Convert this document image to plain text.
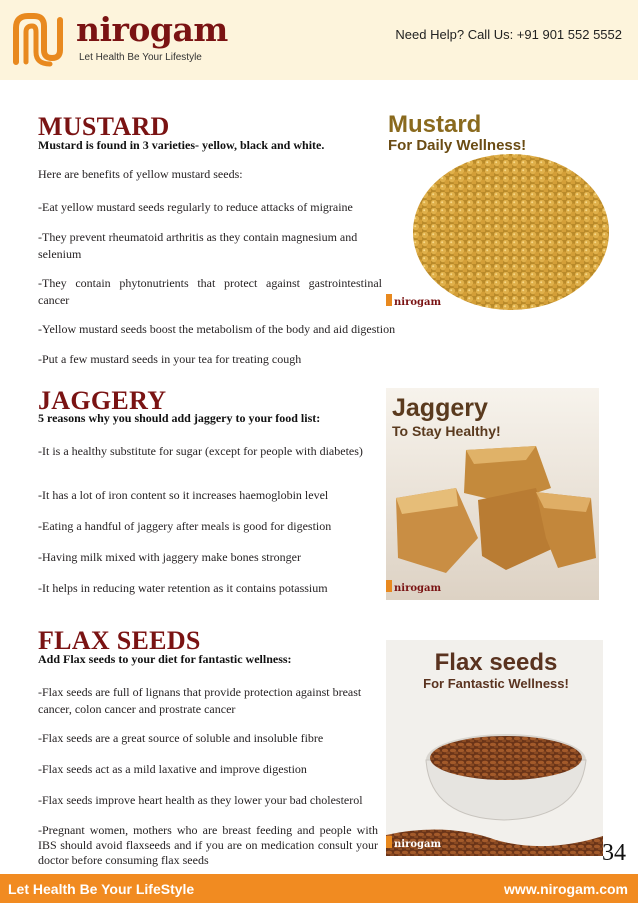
nirogam
Let Health Be Your Lifestyle
Need Help? Call Us: +91 901 552 5552
MUSTARD
Mustard is found in 3 varieties- yellow, black and white.
Here are benefits of yellow mustard seeds:
-Eat yellow mustard seeds regularly to reduce attacks of migraine
-They prevent rheumatoid arthritis as they contain magnesium and selenium
-They contain phytonutrients that protect against gastrointestinal cancer
-Yellow mustard seeds boost the metabolism of the body and aid digestion
-Put a few mustard seeds in your tea for treating cough
Mustard
For Daily Wellness!
nirogam
JAGGERY
5 reasons why you should add jaggery to your food list:
-It is a healthy substitute for sugar (except for people with diabetes)
-It has a lot of iron content so it increases haemoglobin level
-Eating a handful of jaggery after meals is good for digestion
-Having milk mixed with jaggery make bones stronger
-It helps in reducing water retention as it contains potassium
Jaggery
To Stay Healthy!
nirogam
FLAX SEEDS
Add Flax seeds to your diet for fantastic wellness:
-Flax seeds are full of lignans that provide protection against breast cancer, colon cancer and prostrate cancer
-Flax seeds are a great source of soluble and insoluble fibre
-Flax seeds act as a mild laxative and improve digestion
-Flax seeds improve heart health as they lower your bad cholesterol
-Pregnant women, mothers who are breast feeding and people with IBS should avoid flaxseeds and if you are on medication consult your doctor before consuming flax seeds
Flax seeds
For Fantastic Wellness!
nirogam	34
Let Health Be Your LifeStyle	www.nirogam.com
